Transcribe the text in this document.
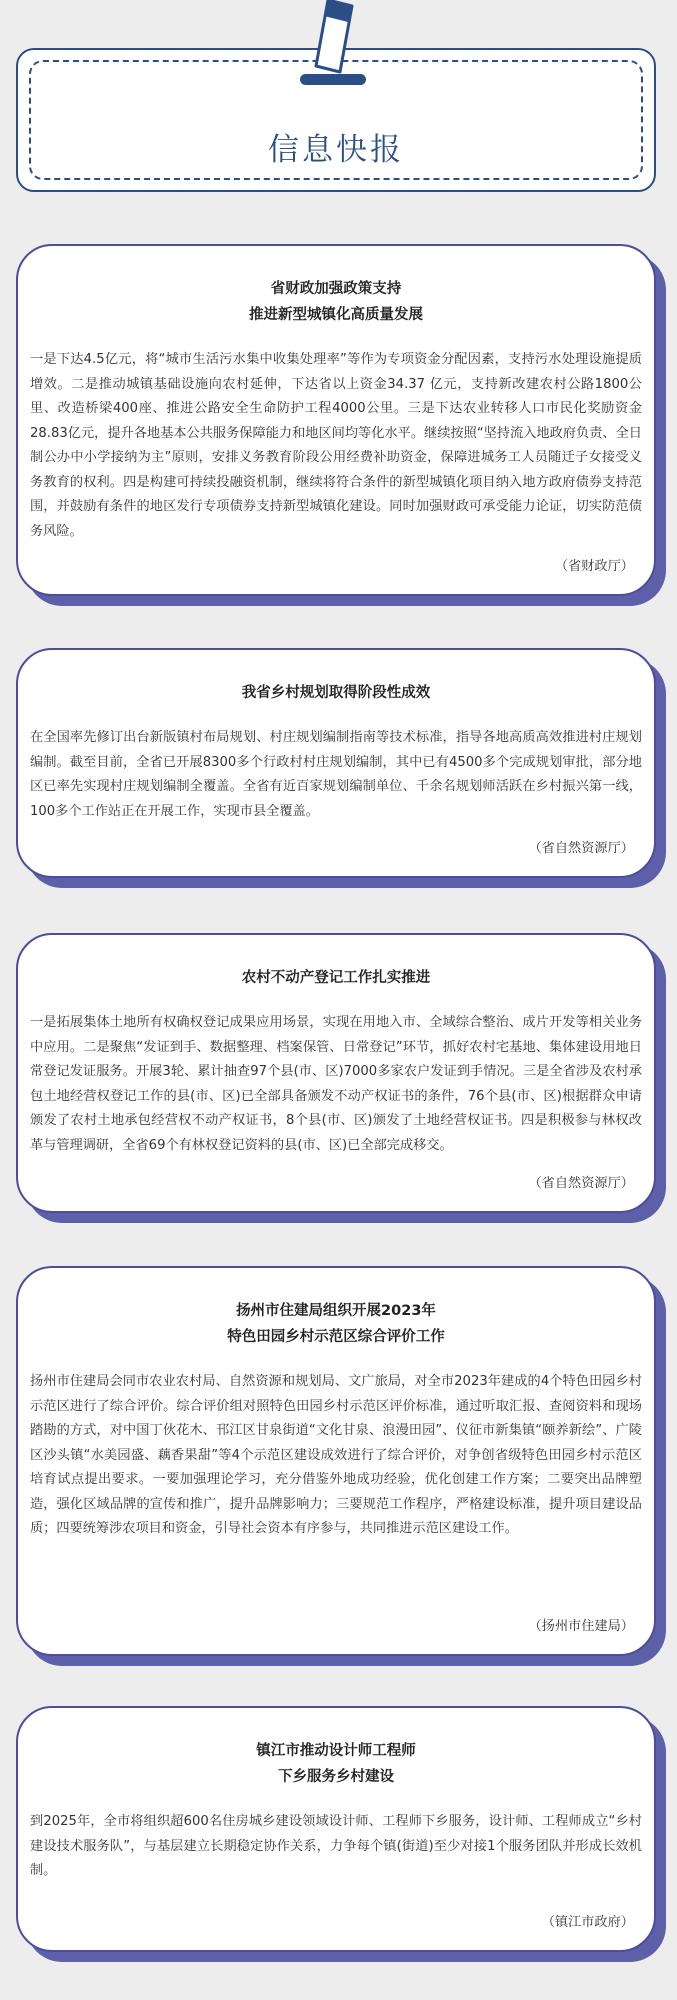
信息快报
省财政加强政策支持
推进新型城镇化高质量发展
一是下达4.5亿元，将“城市生活污水集中收集处理率”等作为专项资金分配因素，支持污水处理设施提质增效。二是推动城镇基础设施向农村延伸，下达省以上资金34.37 亿元，支持新改建农村公路1800公里、改造桥梁400座、推进公路安全生命防护工程4000公里。三是下达农业转移人口市民化奖励资金28.83亿元，提升各地基本公共服务保障能力和地区间均等化水平。继续按照“坚持流入地政府负责、全日制公办中小学接纳为主”原则，安排义务教育阶段公用经费补助资金，保障进城务工人员随迁子女接受义务教育的权利。四是构建可持续投融资机制，继续将符合条件的新型城镇化项目纳入地方政府债券支持范围，并鼓励有条件的地区发行专项债券支持新型城镇化建设。同时加强财政可承受能力论证，切实防范债务风险。
（省财政厅）
我省乡村规划取得阶段性成效
在全国率先修订出台新版镇村布局规划、村庄规划编制指南等技术标准，指导各地高质高效推进村庄规划编制。截至目前，全省已开展8300多个行政村村庄规划编制，其中已有4500多个完成规划审批，部分地区已率先实现村庄规划编制全覆盖。全省有近百家规划编制单位、千余名规划师活跃在乡村振兴第一线，100多个工作站正在开展工作，实现市县全覆盖。
（省自然资源厅）
农村不动产登记工作扎实推进
一是拓展集体土地所有权确权登记成果应用场景，实现在用地入市、全域综合整治、成片开发等相关业务中应用。二是聚焦“发证到手、数据整理、档案保管、日常登记”环节，抓好农村宅基地、集体建设用地日常登记发证服务。开展3轮、累计抽查97个县(市、区)7000多家农户发证到手情况。三是全省涉及农村承包土地经营权登记工作的县(市、区)已全部具备颁发不动产权证书的条件，76个县(市、区)根据群众申请颁发了农村土地承包经营权不动产权证书，8个县(市、区)颁发了土地经营权证书。四是积极参与林权改革与管理调研，全省69个有林权登记资料的县(市、区)已全部完成移交。
（省自然资源厅）
扬州市住建局组织开展2023年
特色田园乡村示范区综合评价工作
扬州市住建局会同市农业农村局、自然资源和规划局、文广旅局，对全市2023年建成的4个特色田园乡村示范区进行了综合评价。综合评价组对照特色田园乡村示范区评价标准，通过听取汇报、查阅资料和现场踏勘的方式，对中国丁伙花木、邗江区甘泉街道“文化甘泉、浪漫田园”、仪征市新集镇“颐养新绘”、广陵区沙头镇“水美园盛、藕香果甜”等4个示范区建设成效进行了综合评价，对争创省级特色田园乡村示范区培育试点提出要求。一要加强理论学习，充分借鉴外地成功经验，优化创建工作方案；二要突出品牌塑造，强化区域品牌的宣传和推广，提升品牌影响力；三要规范工作程序，严格建设标准，提升项目建设品质；四要统筹涉农项目和资金，引导社会资本有序参与，共同推进示范区建设工作。
（扬州市住建局）
镇江市推动设计师工程师
下乡服务乡村建设
到2025年，全市将组织超600名住房城乡建设领域设计师、工程师下乡服务，设计师、工程师成立“乡村建设技术服务队”，与基层建立长期稳定协作关系，力争每个镇(街道)至少对接1个服务团队并形成长效机制。
（镇江市政府）
